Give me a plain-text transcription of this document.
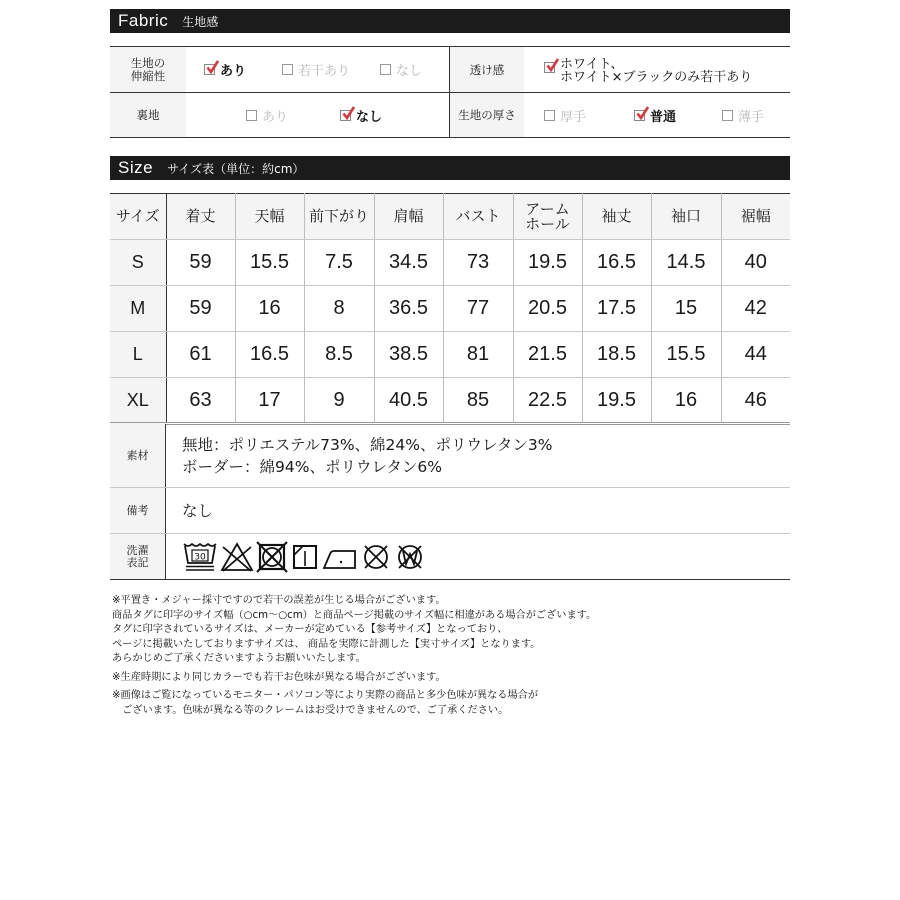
Fabric 生地感
生地の
伸縮性	あり	若干あり	なし	透け感	ホワイト、
ホワイト×ブラックのみ若干あり
裏地	あり	なし	生地の厚さ	厚手	普通	薄手
Size サイズ表（単位：約cm）
サイズ	着丈	天幅	前下がり	肩幅	バスト	アーム
ホール	袖丈	袖口	裾幅
S	59	15.5	7.5	34.5	73	19.5	16.5	14.5	40
M	59	16	8	36.5	77	20.5	17.5	15	42
L	61	16.5	8.5	38.5	81	21.5	18.5	15.5	44
XL	63	17	9	40.5	85	22.5	19.5	16	46
素材
無地：ポリエステル73%、綿24%、ポリウレタン3%
ボーダー：綿94%、ポリウレタン6%
備考	なし
洗濯
表記	30

※平置き・メジャー採寸ですので若干の誤差が生じる場合がございます。

商品タグに印字のサイズ幅（○cm〜○cm）と商品ページ掲載のサイズ幅に相違がある場合がございます。

タグに印字されているサイズは、メーカーが定めている【参考サイズ】となっており、

ページに掲載いたしておりますサイズは、 商品を実際に計測した【実寸サイズ】となります。

あらかじめご了承くださいますようお願いいたします。

※生産時期により同じカラーでも若干お色味が異なる場合がございます。

※画像はご覧になっているモニター・パソコン等により実際の商品と多少色味が異なる場合が

　ございます。色味が異なる等のクレームはお受けできませんので、ご了承ください。
